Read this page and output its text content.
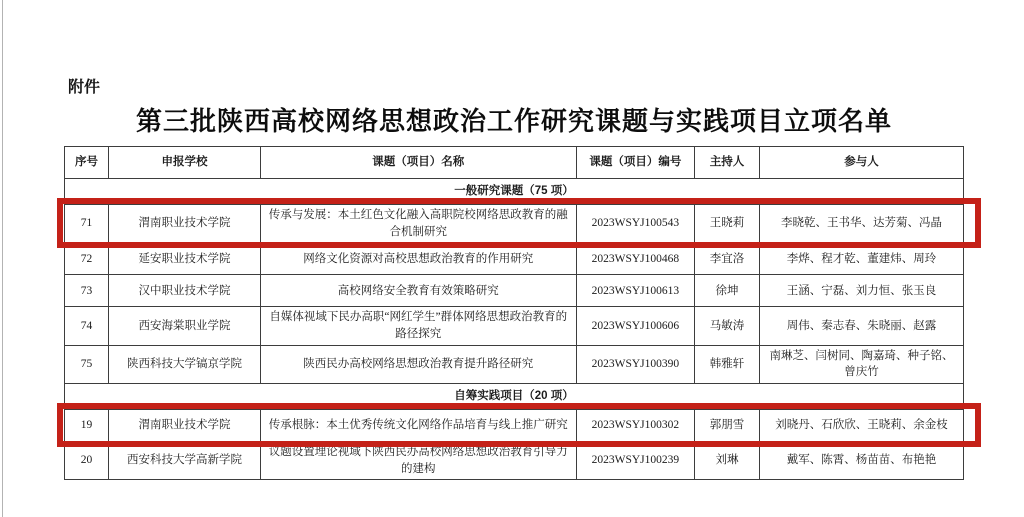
附件
第三批陕西高校网络思想政治工作研究课题与实践项目立项名单
序号	申报学校	课题（项目）名称	课题（项目）编号	主持人	参与人
一般研究课题（75 项）					
71	渭南职业技术学院	传承与发展：本土红色文化融入高职院校网络思政教育的融合机制研究	2023WSYJ100543	王晓莉	李晓乾、王书华、达芳菊、冯晶
72	延安职业技术学院	网络文化资源对高校思想政治教育的作用研究	2023WSYJ100468	李宜洛	李烨、程才乾、董建炜、周玲
73	汉中职业技术学院	高校网络安全教育有效策略研究	2023WSYJ100613	徐坤	王涵、宁磊、刘力恒、张玉良
74	西安海棠职业学院	自媒体视域下民办高职“网红学生”群体网络思想政治教育的路径探究	2023WSYJ100606	马敏涛	周伟、秦志春、朱晓丽、赵露
75	陕西科技大学镐京学院	陕西民办高校网络思想政治教育提升路径研究	2023WSYJ100390	韩雅轩	南琳芝、闫树同、陶嘉琦、种子铭、曾庆竹
自筹实践项目（20 项）					
19	渭南职业技术学院	传承根脉：本土优秀传统文化网络作品培育与线上推广研究	2023WSYJ100302	郭朋雪	刘晓丹、石欣欣、王晓莉、余金枝
20	西安科技大学高新学院	议题设置理论视域下陕西民办高校网络思想政治教育引导力的建构	2023WSYJ100239	刘琳	戴军、陈霄、杨苗苗、布艳艳
